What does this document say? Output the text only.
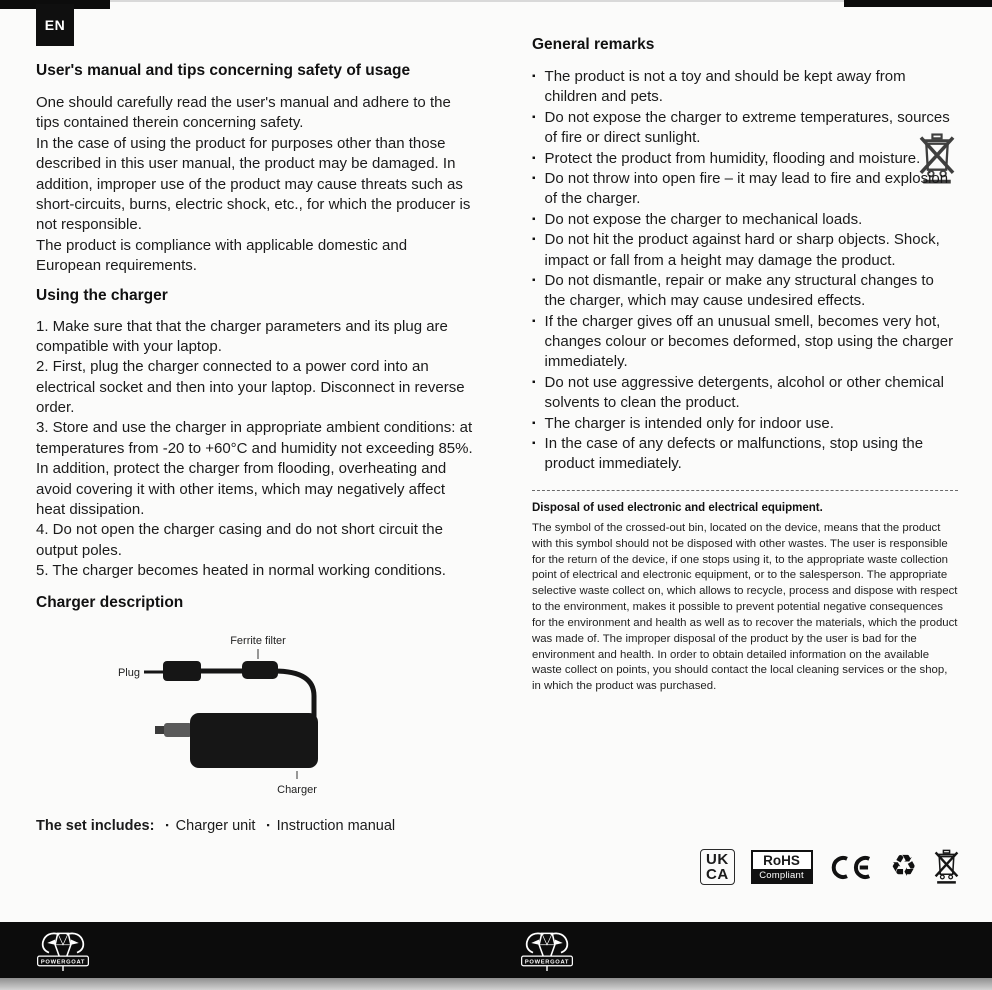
EN
User's manual and tips concerning safety of usage

One should carefully read the user's manual and adhere to the tips contained therein concerning safety.

In the case of using the product for purposes other than those described in this user manual, the product may be damaged. In addition, improper use of the product may cause threats such as short-circuits, burns, electric shock, etc., for which the producer is not responsible.

The product is compliance with applicable domestic and European requirements.

Using the charger

1. Make sure that that the charger parameters and its plug are compatible with your laptop.

2. First, plug the charger connected to a power cord into an electrical socket and then into your laptop. Disconnect in reverse order.

3. Store and use the charger in appropriate ambient conditions: at temperatures from -20 to +60°C and humidity not exceeding 85%. In addition, protect the charger from flooding, overheating and avoid covering it with other items, which may negatively affect heat dissipation.

4. Do not open the charger casing and do not short circuit the output poles.

5. The charger becomes heated in normal working conditions.

Charger description
Ferrite filter
Plug
Charger

The set includes: ▪ Charger unit ▪ Instruction manual

General remarks
▪ The product is not a toy and should be kept away from children and pets.
▪ Do not expose the charger to extreme temperatures, sources of fire or direct sunlight.
▪ Protect the product from humidity, flooding and moisture.
▪ Do not throw into open fire – it may lead to fire and explosion of the charger.
▪ Do not expose the charger to mechanical loads.
▪ Do not hit the product against hard or sharp objects. Shock, impact or fall from a height may damage the product.
▪ Do not dismantle, repair or make any structural changes to the charger, which may cause undesired effects.
▪ If the charger gives off an unusual smell, becomes very hot, changes colour or becomes deformed, stop using the charger immediately.
▪ Do not use aggressive detergents, alcohol or other chemical solvents to clean the product.
▪ The charger is intended only for indoor use.
▪ In the case of any defects or malfunctions, stop using the product immediately.

Disposal of used electronic and electrical equipment.

The symbol of the crossed-out bin, located on the device, means that the product with this symbol should not be disposed with other wastes. The user is responsible for the return of the device, if one stops using it, to the appropriate waste collection point of electrical and electronic equipment, or to the salesperson. The appropriate selective waste collect on, which allows to recycle, process and dispose with respect to the environment, makes it possible to prevent potential negative consequences for the environment and health as well as to recover the materials, which the product was made of. The improper disposal of the product by the user is bad for the environment and health. In order to obtain detailed information on the available waste collect on points, you should contact the local cleaning services or the shop, in which the product was purchased.

UK
CA
RoHS
Compliant	♻
